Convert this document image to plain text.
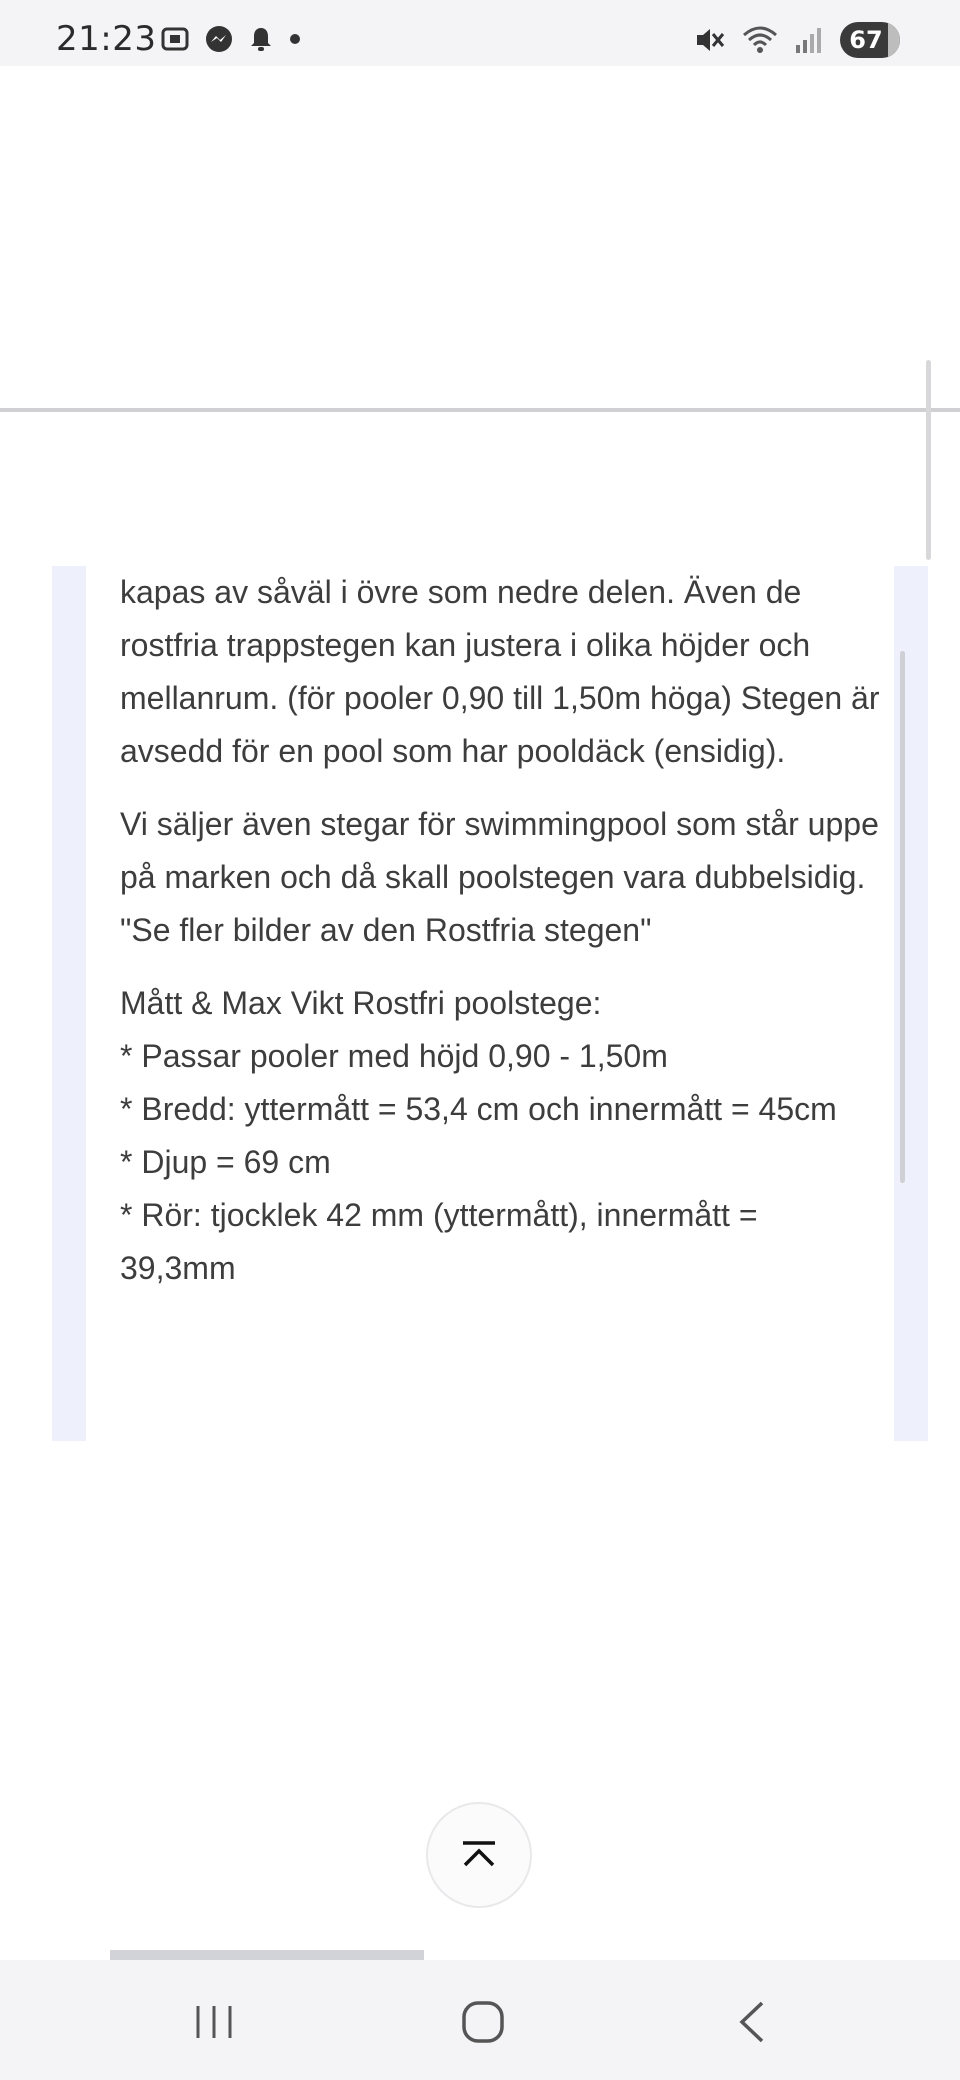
21:23	67

kapas av såväl i övre som nedre delen. Även de rostfria trappstegen kan justera i olika höjder och mellanrum. (för pooler 0,90 till 1,50m höga) Stegen är avsedd för en pool som har pooldäck (ensidig).

Vi säljer även stegar för swimmingpool som står uppe på marken och då skall poolstegen vara dubbelsidig. "Se fler bilder av den Rostfria stegen"

Mått & Max Vikt Rostfri poolstege:
* Passar pooler med höjd 0,90 - 1,50m
* Bredd: yttermått = 53,4 cm och innermått = 45cm
* Djup = 69 cm
* Rör: tjocklek 42 mm (yttermått), innermått = 39,3mm
